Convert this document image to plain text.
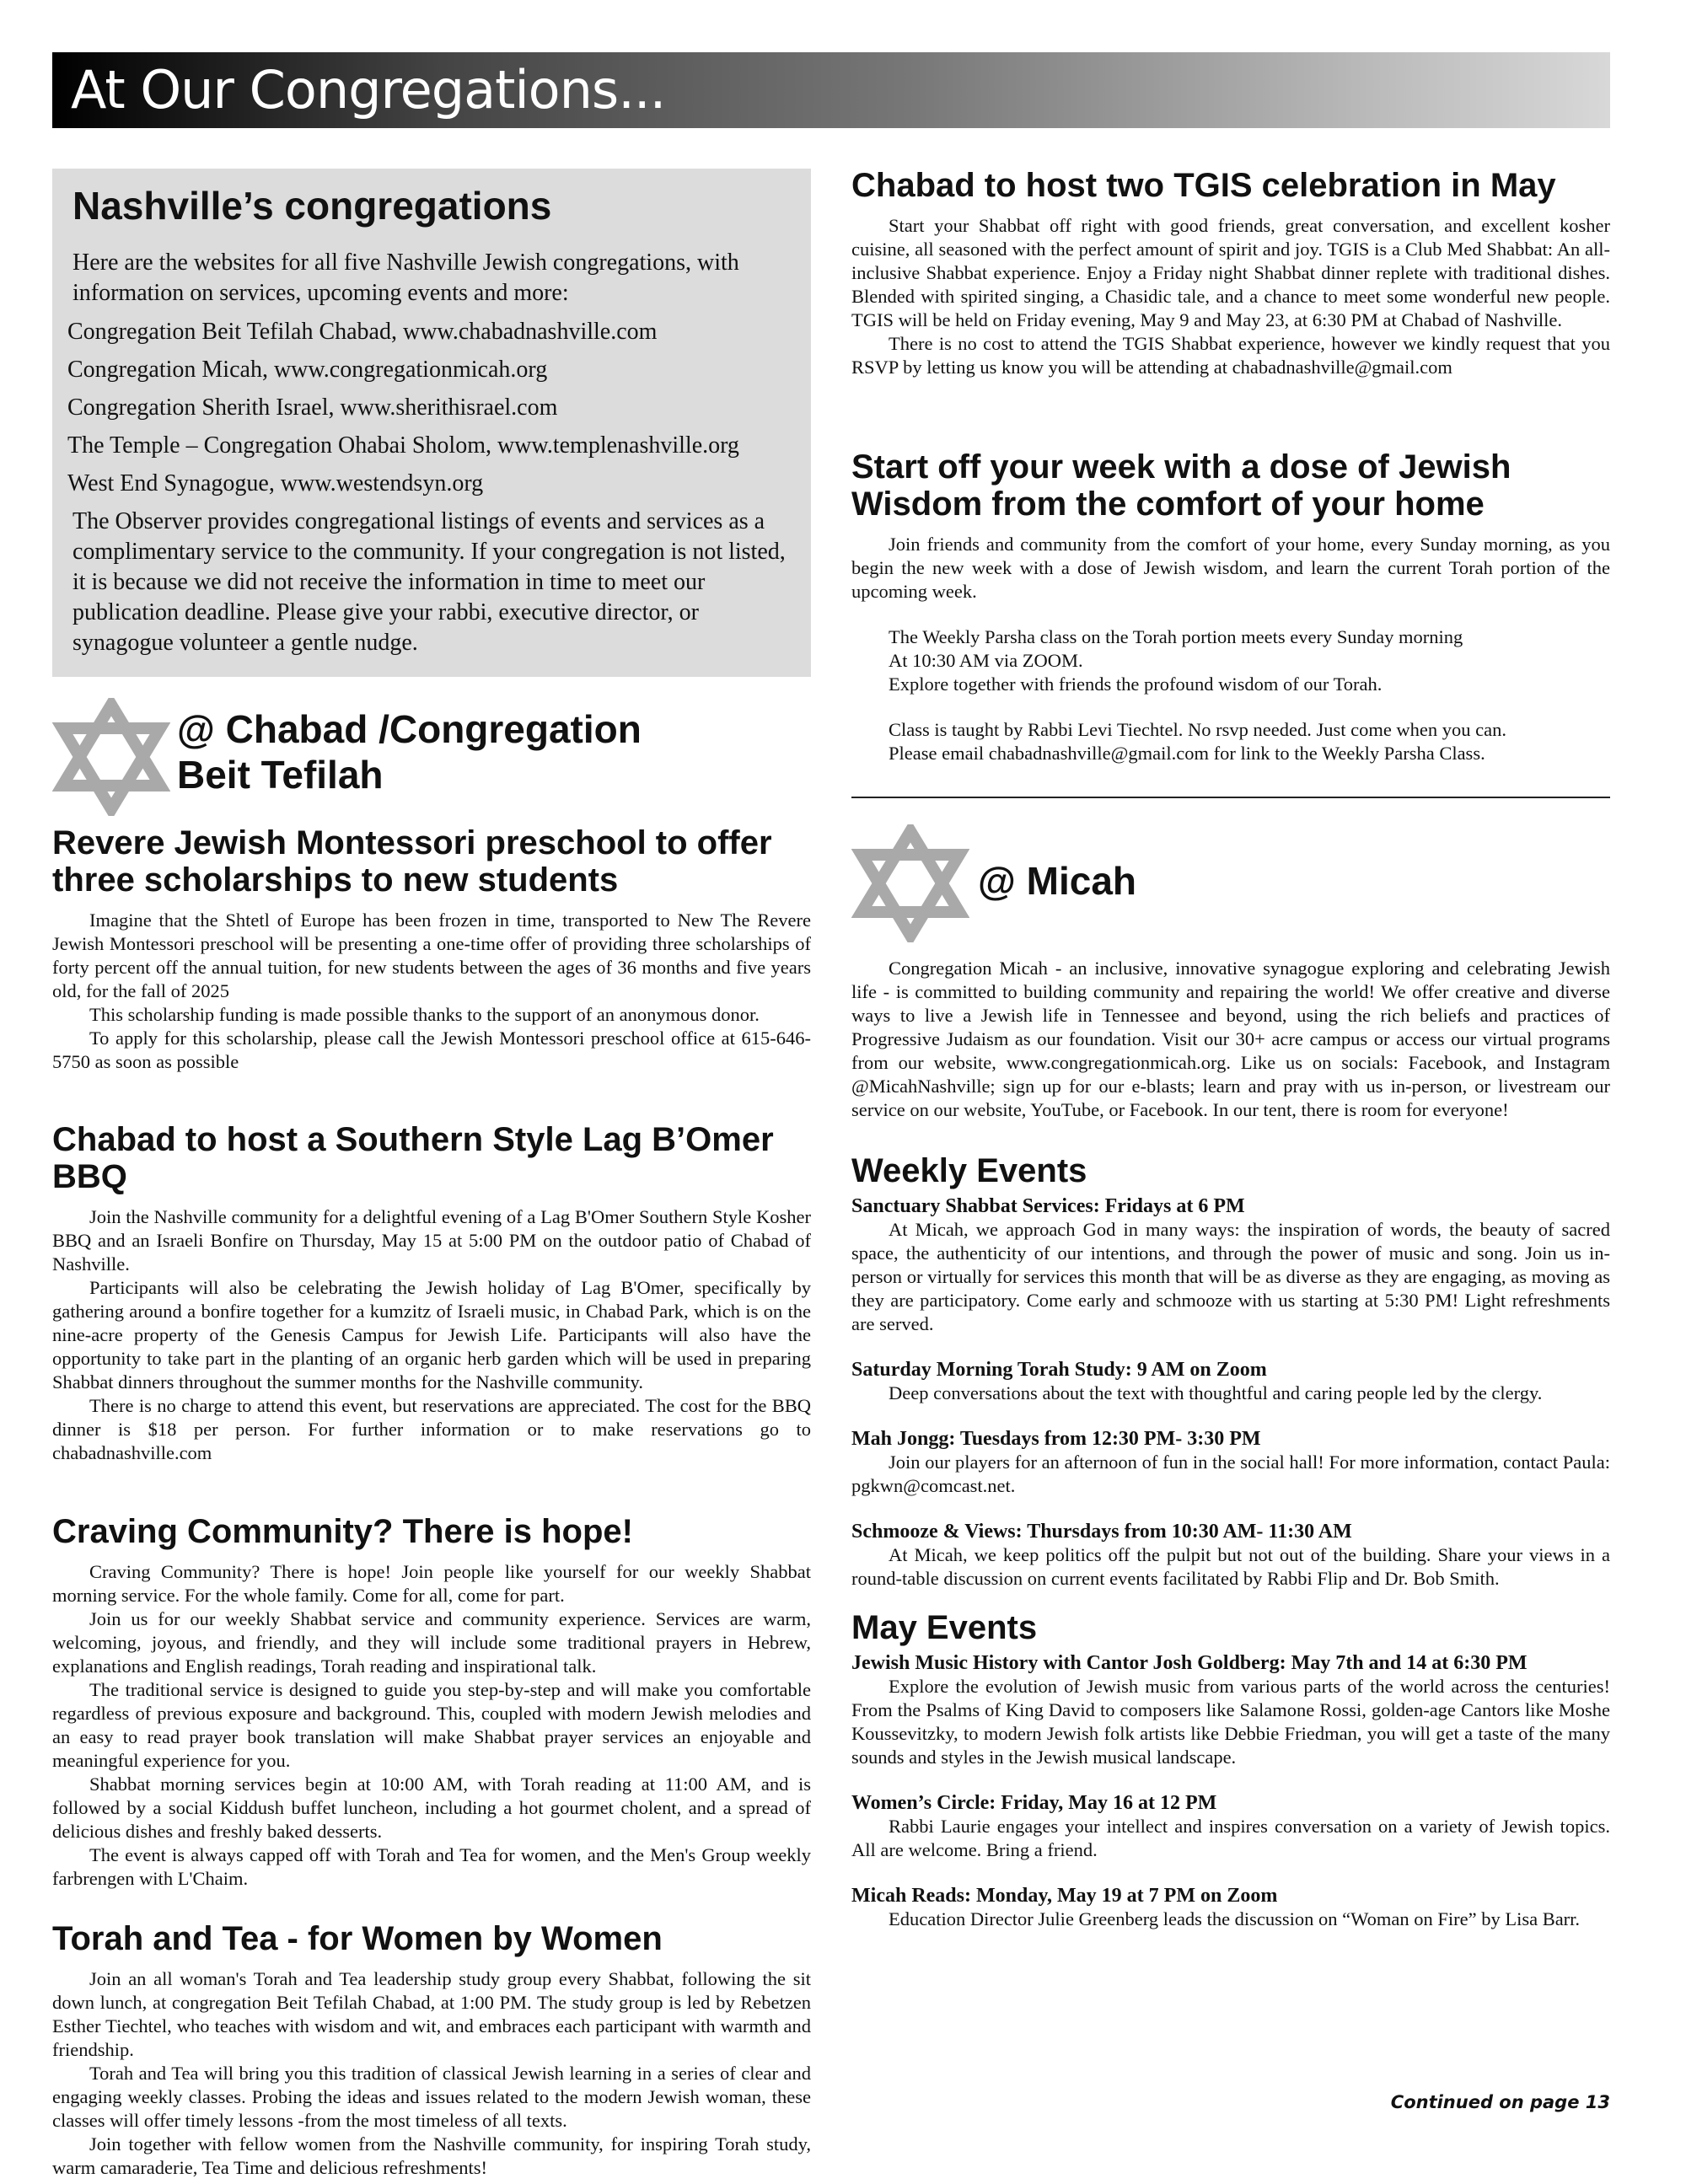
At Our Congregations...
Nashville’s congregations

Here are the websites for all five Nashville Jewish congregations, with information on services, upcoming events and more:

Congregation Beit Tefilah Chabad, www.chabadnashville.com

Congregation Micah, www.congregationmicah.org

Congregation Sherith Israel, www.sherithisrael.com

The Temple – Congregation Ohabai Sholom, www.templenashville.org

West End Synagogue, www.westendsyn.org

The Observer provides congregational listings of events and services as a complimentary service to the community. If your congregation is not listed, it is because we did not receive the information in time to meet our publication deadline. Please give your rabbi, executive director, or synagogue volunteer a gentle nudge.

@ Chabad /Congregation
Beit Tefilah
Revere Jewish Montessori preschool to offer three scholarships to new students

Imagine that the Shtetl of Europe has been frozen in time, transported to New The Revere Jewish Montessori preschool will be presenting a one-time offer of providing three scholarships of forty percent off the annual tuition, for new students between the ages of 36 months and five years old, for the fall of 2025

This scholarship funding is made possible thanks to the support of an anonymous donor.

To apply for this scholarship, please call the Jewish Montessori preschool office at 615-646-5750 as soon as possible

Chabad to host a Southern Style Lag B’Omer BBQ

Join the Nashville community for a delightful evening of a Lag B'Omer Southern Style Kosher BBQ and an Israeli Bonfire on Thursday, May 15 at 5:00 PM on the outdoor patio of Chabad of Nashville.

Participants will also be celebrating the Jewish holiday of Lag B'Omer, specifically by gathering around a bonfire together for a kumzitz of Israeli music, in Chabad Park, which is on the nine-acre property of the Genesis Campus for Jewish Life. Participants will also have the opportunity to take part in the planting of an organic herb garden which will be used in preparing Shabbat dinners throughout the summer months for the Nashville community.

There is no charge to attend this event, but reservations are appreciated. The cost for the BBQ dinner is $18 per person. For further information or to make reservations go to chabadnashville.com

Craving Community? There is hope!

Craving Community? There is hope! Join people like yourself for our weekly Shabbat morning service. For the whole family. Come for all, come for part.

Join us for our weekly Shabbat service and community experience. Services are warm, welcoming, joyous, and friendly, and they will include some traditional prayers in Hebrew, explanations and English readings, Torah reading and inspirational talk.

The traditional service is designed to guide you step-by-step and will make you comfortable regardless of previous exposure and background. This, coupled with modern Jewish melodies and an easy to read prayer book translation will make Shabbat prayer services an enjoyable and meaningful experience for you.

Shabbat morning services begin at 10:00 AM, with Torah reading at 11:00 AM, and is followed by a social Kiddush buffet luncheon, including a hot gourmet cholent, and a spread of delicious dishes and freshly baked desserts.

The event is always capped off with Torah and Tea for women, and the Men's Group weekly farbrengen with L'Chaim.

Torah and Tea - for Women by Women

Join an all woman's Torah and Tea leadership study group every Shabbat, following the sit down lunch, at congregation Beit Tefilah Chabad, at 1:00 PM. The study group is led by Rebetzen Esther Tiechtel, who teaches with wisdom and wit, and embraces each participant with warmth and friendship.

Torah and Tea will bring you this tradition of classical Jewish learning in a series of clear and engaging weekly classes. Probing the ideas and issues related to the modern Jewish woman, these classes will offer timely lessons -from the most timeless of all texts.

Join together with fellow women from the Nashville community, for inspiring Torah study, warm camaraderie, Tea Time and delicious refreshments!

Chabad to host two TGIS celebration in May

Start your Shabbat off right with good friends, great conversation, and excellent kosher cuisine, all seasoned with the perfect amount of spirit and joy. TGIS is a Club Med Shabbat: An all-inclusive Shabbat experience. Enjoy a Friday night Shabbat dinner replete with traditional dishes. Blended with spirited singing, a Chasidic tale, and a chance to meet some wonderful new people. TGIS will be held on Friday evening, May 9 and May 23, at 6:30 PM at Chabad of Nashville.

There is no cost to attend the TGIS Shabbat experience, however we kindly request that you RSVP by letting us know you will be attending at chabadnashville@gmail.com

Start off your week with a dose of Jewish Wisdom from the comfort of your home

Join friends and community from the comfort of your home, every Sunday morning, as you begin the new week with a dose of Jewish wisdom, and learn the current Torah portion of the upcoming week.

The Weekly Parsha class on the Torah portion meets every Sunday morning

At 10:30 AM via ZOOM.

Explore together with friends the profound wisdom of our Torah.

Class is taught by Rabbi Levi Tiechtel. No rsvp needed. Just come when you can.

Please email chabadnashville@gmail.com for link to the Weekly Parsha Class.

@ Micah

Congregation Micah - an inclusive, innovative synagogue exploring and celebrating Jewish life - is committed to building community and repairing the world! We offer creative and diverse ways to live a Jewish life in Tennessee and beyond, using the rich beliefs and practices of Progressive Judaism as our foundation. Visit our 30+ acre campus or access our virtual programs from our website, www.congregationmicah.org. Like us on socials: Facebook, and Instagram @MicahNashville; sign up for our e-blasts; learn and pray with us in-person, or livestream our service on our website, YouTube, or Facebook. In our tent, there is room for everyone!

Weekly Events
Sanctuary Shabbat Services: Fridays at 6 PM

At Micah, we approach God in many ways: the inspiration of words, the beauty of sacred space, the authenticity of our intentions, and through the power of music and song. Join us in-person or virtually for services this month that will be as diverse as they are engaging, as moving as they are participatory. Come early and schmooze with us starting at 5:30 PM! Light refreshments are served.

Saturday Morning Torah Study: 9 AM on Zoom

Deep conversations about the text with thoughtful and caring people led by the clergy.

Mah Jongg: Tuesdays from 12:30 PM- 3:30 PM

Join our players for an afternoon of fun in the social hall! For more information, contact Paula: pgkwn@comcast.net.

Schmooze & Views: Thursdays from 10:30 AM- 11:30 AM

At Micah, we keep politics off the pulpit but not out of the building. Share your views in a round-table discussion on current events facilitated by Rabbi Flip and Dr. Bob Smith.

May Events
Jewish Music History with Cantor Josh Goldberg: May 7th and 14 at 6:30 PM

Explore the evolution of Jewish music from various parts of the world across the centuries! From the Psalms of King David to composers like Salamone Rossi, golden-age Cantors like Moshe Koussevitzky, to modern Jewish folk artists like Debbie Friedman, you will get a taste of the many sounds and styles in the Jewish musical landscape.

Women’s Circle: Friday, May 16 at 12 PM

Rabbi Laurie engages your intellect and inspires conversation on a variety of Jewish topics. All are welcome. Bring a friend.

Micah Reads: Monday, May 19 at 7 PM on Zoom

Education Director Julie Greenberg leads the discussion on “Woman on Fire” by Lisa Barr.

Continued on page 13
